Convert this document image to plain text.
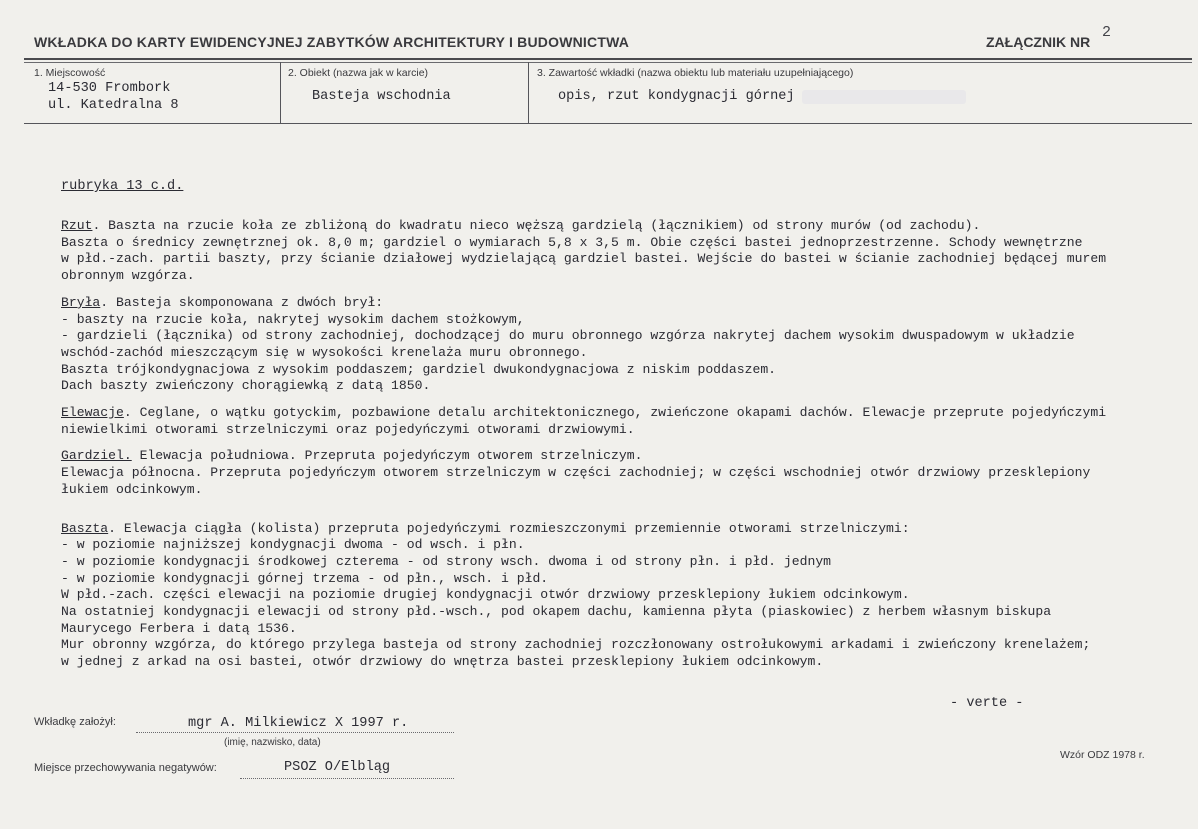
WKŁADKA DO KARTY EWIDENCYJNEJ ZABYTKÓW ARCHITEKTURY I BUDOWNICTWA	ZAŁĄCZNIK NR
2
1. Miejscowość
14-530 Frombork
ul. Katedralna 8
2. Obiekt (nazwa jak w karcie)
Basteja wschodnia
3. Zawartość wkładki (nazwa obiektu lub materiału uzupełniającego)
opis, rzut kondygnacji górnej
rubryka 13 c.d.
Rzut. Baszta na rzucie koła ze zbliżoną do kwadratu nieco węższą gardzielą (łącznikiem) od strony murów (od zachodu).
Baszta o średnicy zewnętrznej ok. 8,0 m; gardziel o wymiarach 5,8 x 3,5 m. Obie części bastei jednoprzestrzenne. Schody wewnętrzne
w płd.-zach. partii baszty, przy ścianie działowej wydzielającą gardziel bastei. Wejście do bastei w ścianie zachodniej będącej murem
obronnym wzgórza.
Bryła. Basteja skomponowana z dwóch brył:
- baszty na rzucie koła, nakrytej wysokim dachem stożkowym,
- gardzieli (łącznika) od strony zachodniej, dochodzącej do muru obronnego wzgórza nakrytej dachem wysokim dwuspadowym w układzie
wschód-zachód mieszczącym się w wysokości krenelaża muru obronnego.
Baszta trójkondygnacjowa z wysokim poddaszem; gardziel dwukondygnacjowa z niskim poddaszem.
Dach baszty zwieńczony chorągiewką z datą 1850.
Elewacje. Ceglane, o wątku gotyckim, pozbawione detalu architektonicznego, zwieńczone okapami dachów. Elewacje przeprute pojedyńczymi
niewielkimi otworami strzelniczymi oraz pojedyńczymi otworami drzwiowymi.
Gardziel. Elewacja południowa. Przepruta pojedyńczym otworem strzelniczym.
Elewacja północna. Przepruta pojedyńczym otworem strzelniczym w części zachodniej; w części wschodniej otwór drzwiowy przesklepiony
łukiem odcinkowym.
Baszta. Elewacja ciągła (kolista) przepruta pojedyńczymi rozmieszczonymi przemiennie otworami strzelniczymi:
- w poziomie najniższej kondygnacji dwoma - od wsch. i płn.
- w poziomie kondygnacji środkowej czterema - od strony wsch. dwoma i od strony płn. i płd. jednym
- w poziomie kondygnacji górnej trzema - od płn., wsch. i płd.
W płd.-zach. części elewacji na poziomie drugiej kondygnacji otwór drzwiowy przesklepiony łukiem odcinkowym.
Na ostatniej kondygnacji elewacji od strony płd.-wsch., pod okapem dachu, kamienna płyta (piaskowiec) z herbem własnym biskupa
Maurycego Ferbera i datą 1536.
Mur obronny wzgórza, do którego przylega basteja od strony zachodniej rozczłonowany ostrołukowymi arkadami i zwieńczony krenelażem;
w jednej z arkad na osi bastei, otwór drzwiowy do wnętrza bastei przesklepiony łukiem odcinkowym.
- verte -
Wkładkę założył:	mgr A. Milkiewicz X 1997 r.
(imię, nazwisko, data)
Miejsce przechowywania negatywów:	PSOZ O/Elbląg
Wzór ODZ 1978 r.
